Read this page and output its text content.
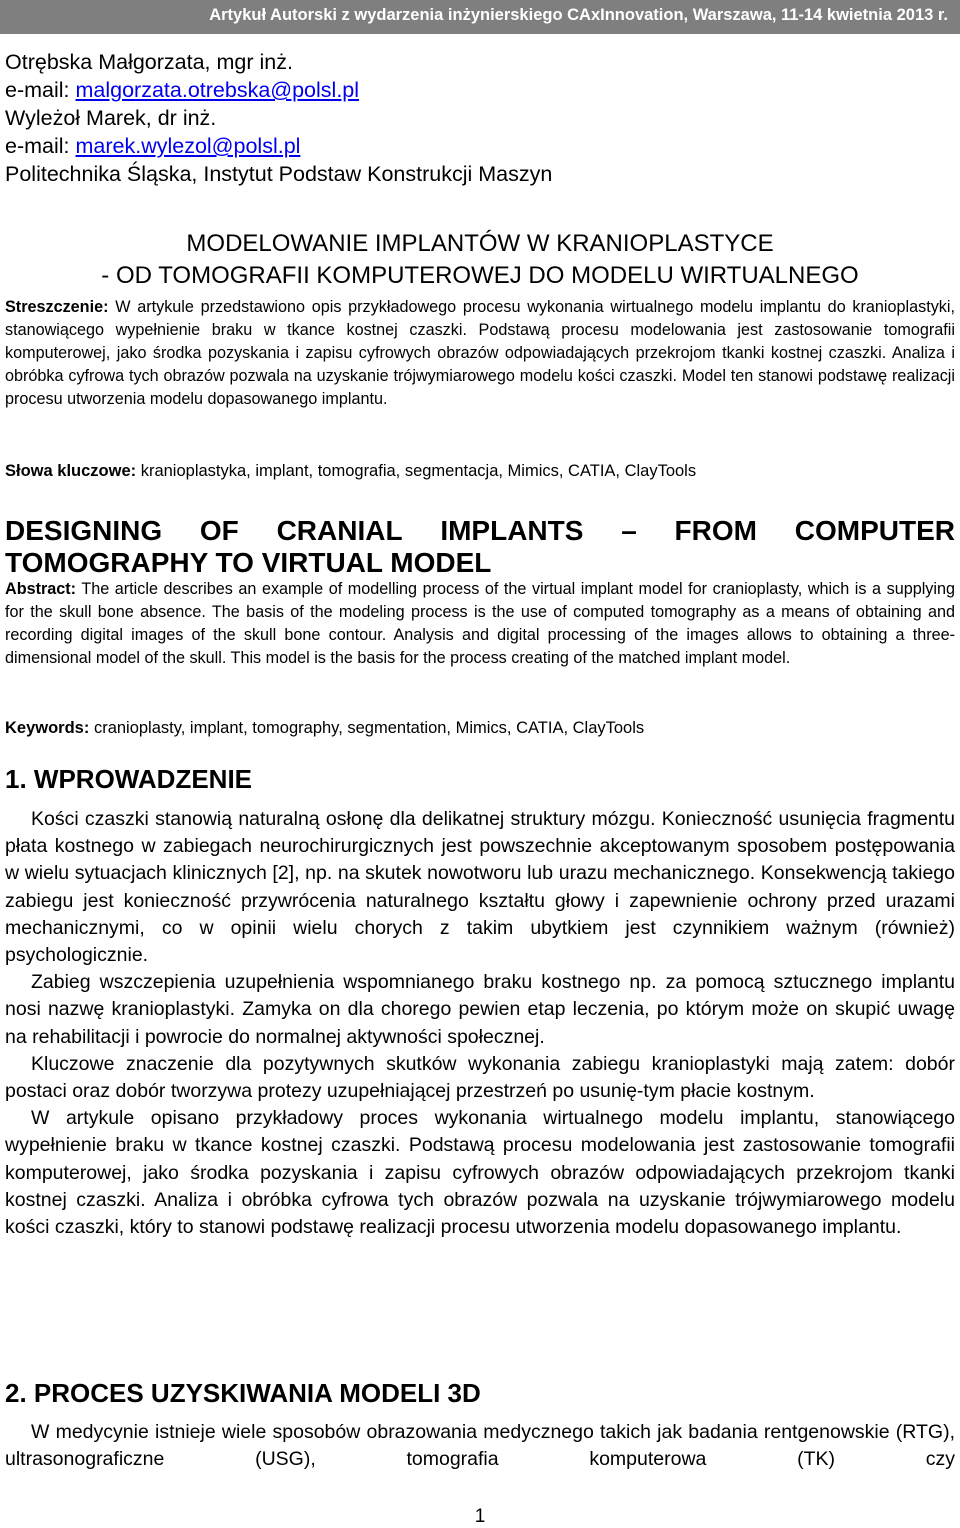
Artykuł Autorski z wydarzenia inżynierskiego CAxInnovation, Warszawa, 11-14 kwietnia 2013 r.
Otrębska Małgorzata, mgr inż.
e-mail: malgorzata.otrebska@polsl.pl
Wyleżoł Marek, dr inż.
e-mail: marek.wylezol@polsl.pl
Politechnika Śląska, Instytut Podstaw Konstrukcji Maszyn
MODELOWANIE IMPLANTÓW W KRANIOPLASTYCE
- OD TOMOGRAFII KOMPUTEROWEJ DO MODELU WIRTUALNEGO
Streszczenie: W artykule przedstawiono opis przykładowego procesu wykonania wirtualnego modelu implantu do kranioplastyki, stanowiącego wypełnienie braku w tkance kostnej czaszki. Podstawą procesu modelowania jest zastosowanie tomografii komputerowej, jako środka pozyskania i zapisu cyfrowych obrazów odpowiadających przekrojom tkanki kostnej czaszki. Analiza i obróbka cyfrowa tych obrazów pozwala na uzyskanie trójwymiarowego modelu kości czaszki. Model ten stanowi podstawę realizacji procesu utworzenia modelu dopasowanego implantu.
Słowa kluczowe: kranioplastyka, implant, tomografia, segmentacja, Mimics, CATIA, ClayTools
DESIGNING OF CRANIAL IMPLANTS – FROM COMPUTER
TOMOGRAPHY TO VIRTUAL MODEL
Abstract: The article describes an example of modelling process of the virtual implant model for cranioplasty, which is a supplying for the skull bone absence. The basis of the modeling process is the use of computed tomography as a means of obtaining and recording digital images of the skull bone contour. Analysis and digital processing of the images allows to obtaining a three-dimensional model of the skull. This model is the basis for the process creating of the matched implant model.
Keywords: cranioplasty, implant, tomography, segmentation, Mimics, CATIA, ClayTools
1. WPROWADZENIE

Kości czaszki stanowią naturalną osłonę dla delikatnej struktury mózgu. Konieczność usunięcia fragmentu płata kostnego w zabiegach neurochirurgicznych jest powszechnie akceptowanym sposobem postępowania w wielu sytuacjach klinicznych [2], np. na skutek nowotworu lub urazu mechanicznego. Konsekwencją takiego zabiegu jest konieczność przywrócenia naturalnego kształtu głowy i zapewnienie ochrony przed urazami mechanicznymi, co w opinii wielu chorych z takim ubytkiem jest czynnikiem ważnym (również) psychologicznie.

Zabieg wszczepienia uzupełnienia wspomnianego braku kostnego np. za pomocą sztucznego implantu nosi nazwę kranioplastyki. Zamyka on dla chorego pewien etap leczenia, po którym może on skupić uwagę na rehabilitacji i powrocie do normalnej aktywności społecznej.

Kluczowe znaczenie dla pozytywnych skutków wykonania zabiegu kranioplastyki mają zatem: dobór postaci oraz dobór tworzywa protezy uzupełniającej przestrzeń po usunię-tym płacie kostnym.

W artykule opisano przykładowy proces wykonania wirtualnego modelu implantu, stanowiącego wypełnienie braku w tkance kostnej czaszki. Podstawą procesu modelowania jest zastosowanie tomografii komputerowej, jako środka pozyskania i zapisu cyfrowych obrazów odpowiadających przekrojom tkanki kostnej czaszki. Analiza i obróbka cyfrowa tych obrazów pozwala na uzyskanie trójwymiarowego modelu kości czaszki, który to stanowi podstawę realizacji procesu utworzenia modelu dopasowanego implantu.

2. PROCES UZYSKIWANIA MODELI 3D

W medycynie istnieje wiele sposobów obrazowania medycznego takich jak badania rentgenowskie (RTG), ultrasonograficzne (USG), tomografia komputerowa (TK) czy

1
